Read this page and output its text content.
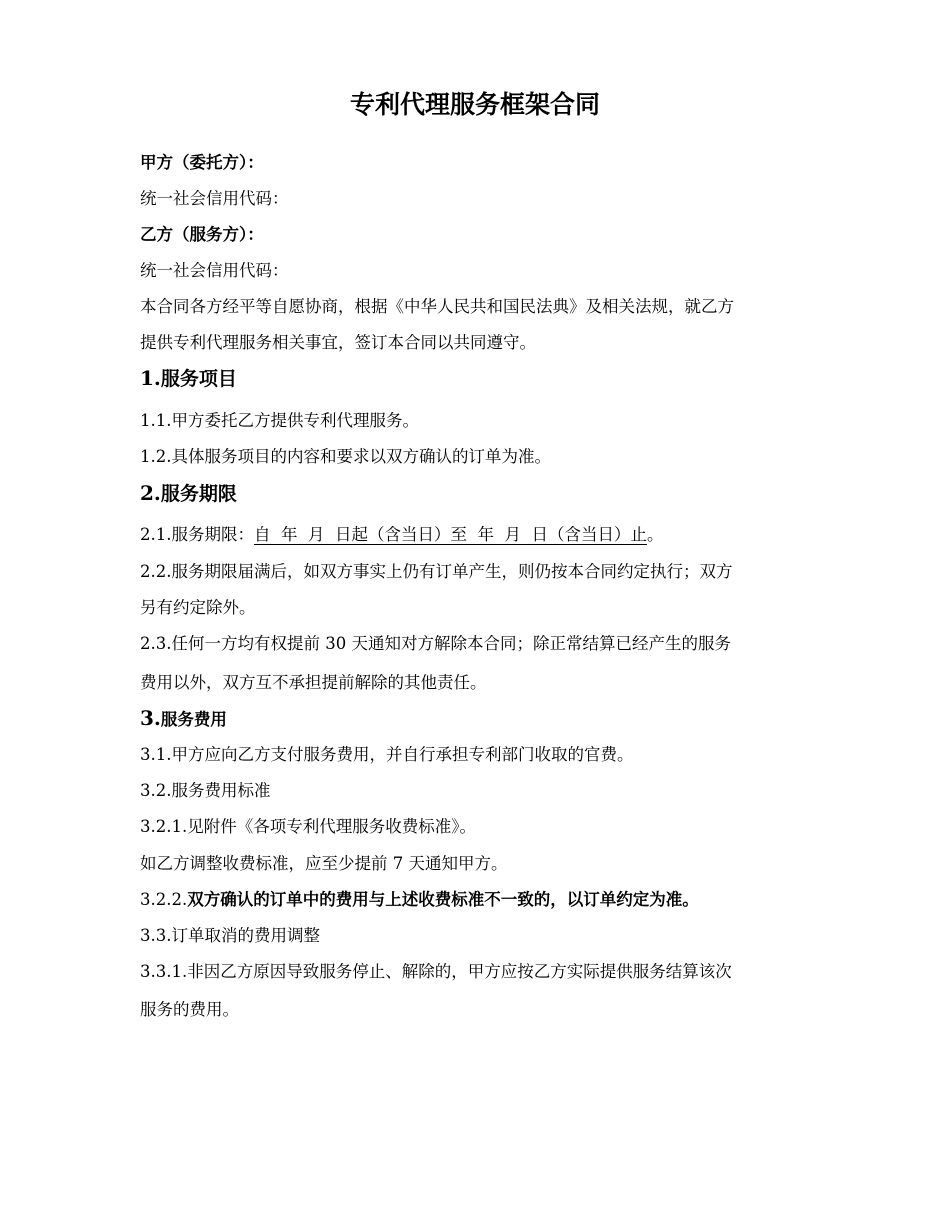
专利代理服务框架合同
甲方（委托方）：
统一社会信用代码：
乙方（服务方）：
统一社会信用代码：
本合同各方经平等自愿协商，根据《中华人民共和国民法典》及相关法规，就乙方
提供专利代理服务相关事宜，签订本合同以共同遵守。
1.服务项目
1.1.甲方委托乙方提供专利代理服务。
1.2.具体服务项目的内容和要求以双方确认的订单为准。
2.服务期限
2.1.服务期限：自  年  月  日起（含当日）至  年  月  日（含当日）止。
2.2.服务期限届满后，如双方事实上仍有订单产生，则仍按本合同约定执行；双方
另有约定除外。
2.3.任何一方均有权提前 30 天通知对方解除本合同；除正常结算已经产生的服务
费用以外，双方互不承担提前解除的其他责任。
3.服务费用
3.1.甲方应向乙方支付服务费用，并自行承担专利部门收取的官费。
3.2.服务费用标准
3.2.1.见附件《各项专利代理服务收费标准》。
如乙方调整收费标准，应至少提前 7 天通知甲方。
3.2.2.双方确认的订单中的费用与上述收费标准不一致的，以订单约定为准。
3.3.订单取消的费用调整
3.3.1.非因乙方原因导致服务停止、解除的，甲方应按乙方实际提供服务结算该次
服务的费用。
